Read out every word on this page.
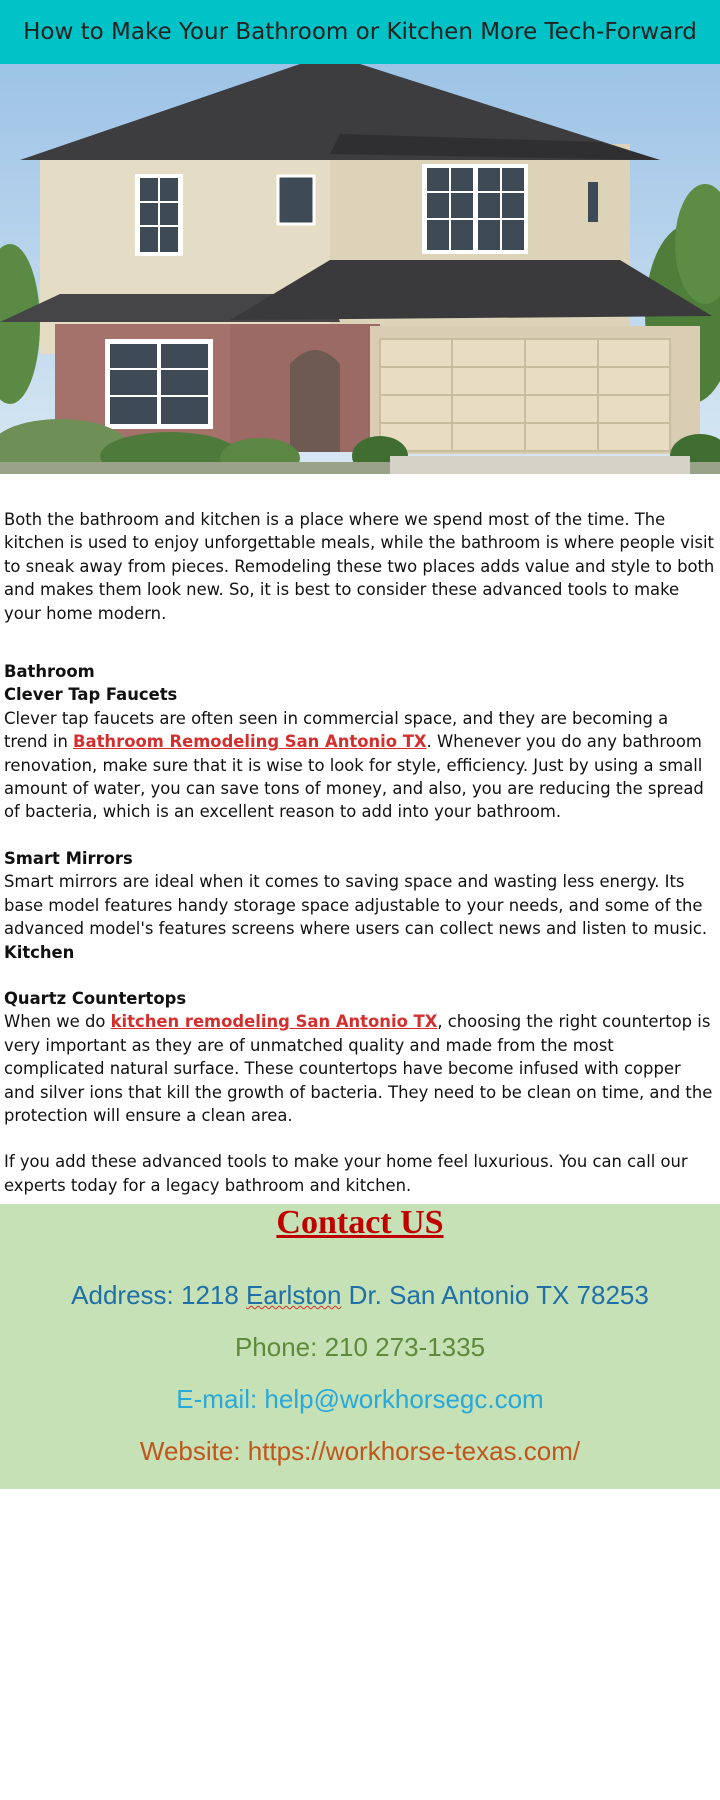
How to Make Your Bathroom or Kitchen More Tech-Forward

Both the bathroom and kitchen is a place where we spend most of the time. The kitchen is used to enjoy unforgettable meals, while the bathroom is where people visit to sneak away from pieces. Remodeling these two places adds value and style to both and makes them look new. So, it is best to consider these advanced tools to make your home modern.

Bathroom

Clever Tap Faucets

Clever tap faucets are often seen in commercial space, and they are becoming a trend in Bathroom Remodeling San Antonio TX. Whenever you do any bathroom renovation, make sure that it is wise to look for style, efficiency. Just by using a small amount of water, you can save tons of money, and also, you are reducing the spread of bacteria, which is an excellent reason to add into your bathroom.

Smart Mirrors

Smart mirrors are ideal when it comes to saving space and wasting less energy. Its base model features handy storage space adjustable to your needs, and some of the advanced model's features screens where users can collect news and listen to music.

Kitchen

Quartz Countertops

When we do kitchen remodeling San Antonio TX, choosing the right countertop is very important as they are of unmatched quality and made from the most complicated natural surface. These countertops have become infused with copper and silver ions that kill the growth of bacteria. They need to be clean on time, and the protection will ensure a clean area.

If you add these advanced tools to make your home feel luxurious. You can call our experts today for a legacy bathroom and kitchen.

Contact US
Address: 1218 Earlston Dr. San Antonio TX 78253
Phone: 210 273-1335
E-mail: help@workhorsegc.com
Website: https://workhorse-texas.com/
